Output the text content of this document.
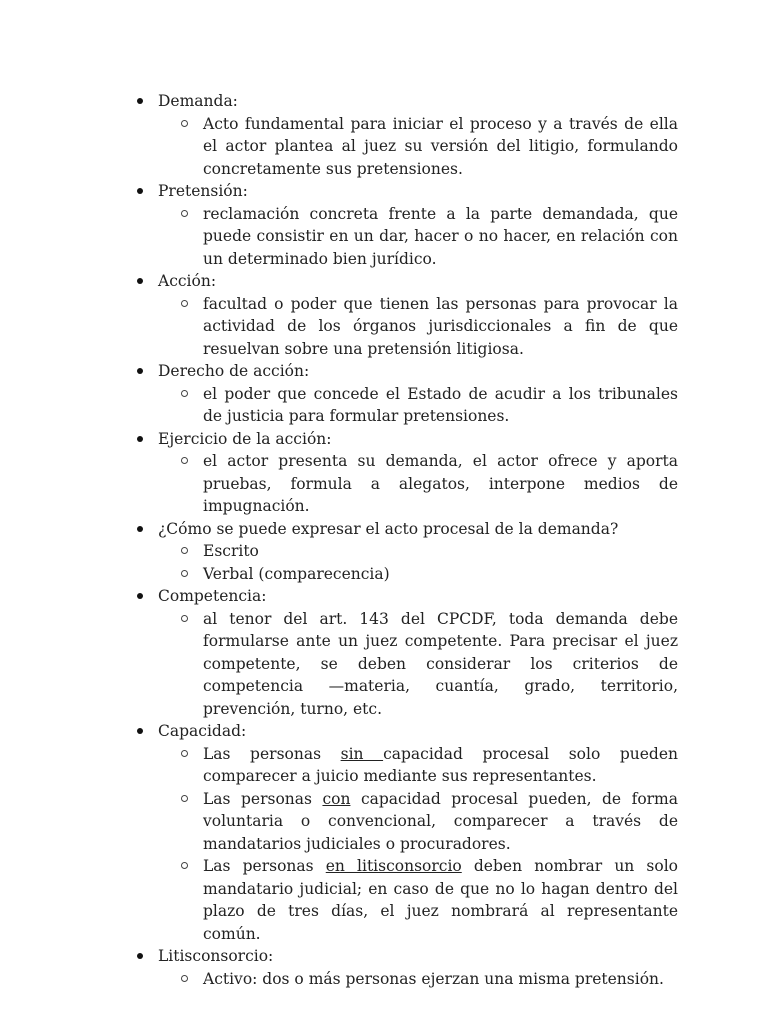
Demanda:
Acto fundamental para iniciar el proceso y a través de ella el actor plantea al juez su versión del litigio, formulando concretamente sus pretensiones.
Pretensión:
reclamación concreta frente a la parte demandada, que puede consistir en un dar, hacer o no hacer, en relación con un determinado bien jurídico.
Acción:
facultad o poder que tienen las personas para provocar la actividad de los órganos jurisdiccionales a fin de que resuelvan sobre una pretensión litigiosa.
Derecho de acción:
el poder que concede el Estado de acudir a los tribunales de justicia para formular pretensiones.
Ejercicio de la acción:
el actor presenta su demanda, el actor ofrece y aporta pruebas, formula a alegatos, interpone medios de impugnación.
¿Cómo se puede expresar el acto procesal de la demanda?
Escrito
Verbal (comparecencia)
Competencia:
al tenor del art. 143 del CPCDF, toda demanda debe formularse ante un juez competente. Para precisar el juez competente, se deben considerar los criterios de competencia —materia, cuantía, grado, territorio, prevención, turno, etc.
Capacidad:
Las personas sin capacidad procesal solo pueden comparecer a juicio mediante sus representantes.
Las personas con capacidad procesal pueden, de forma voluntaria o convencional, comparecer a través de mandatarios judiciales o procuradores.
Las personas en litisconsorcio deben nombrar un solo mandatario judicial; en caso de que no lo hagan dentro del plazo de tres días, el juez nombrará al representante común.
Litisconsorcio:
Activo: dos o más personas ejerzan una misma pretensión.
